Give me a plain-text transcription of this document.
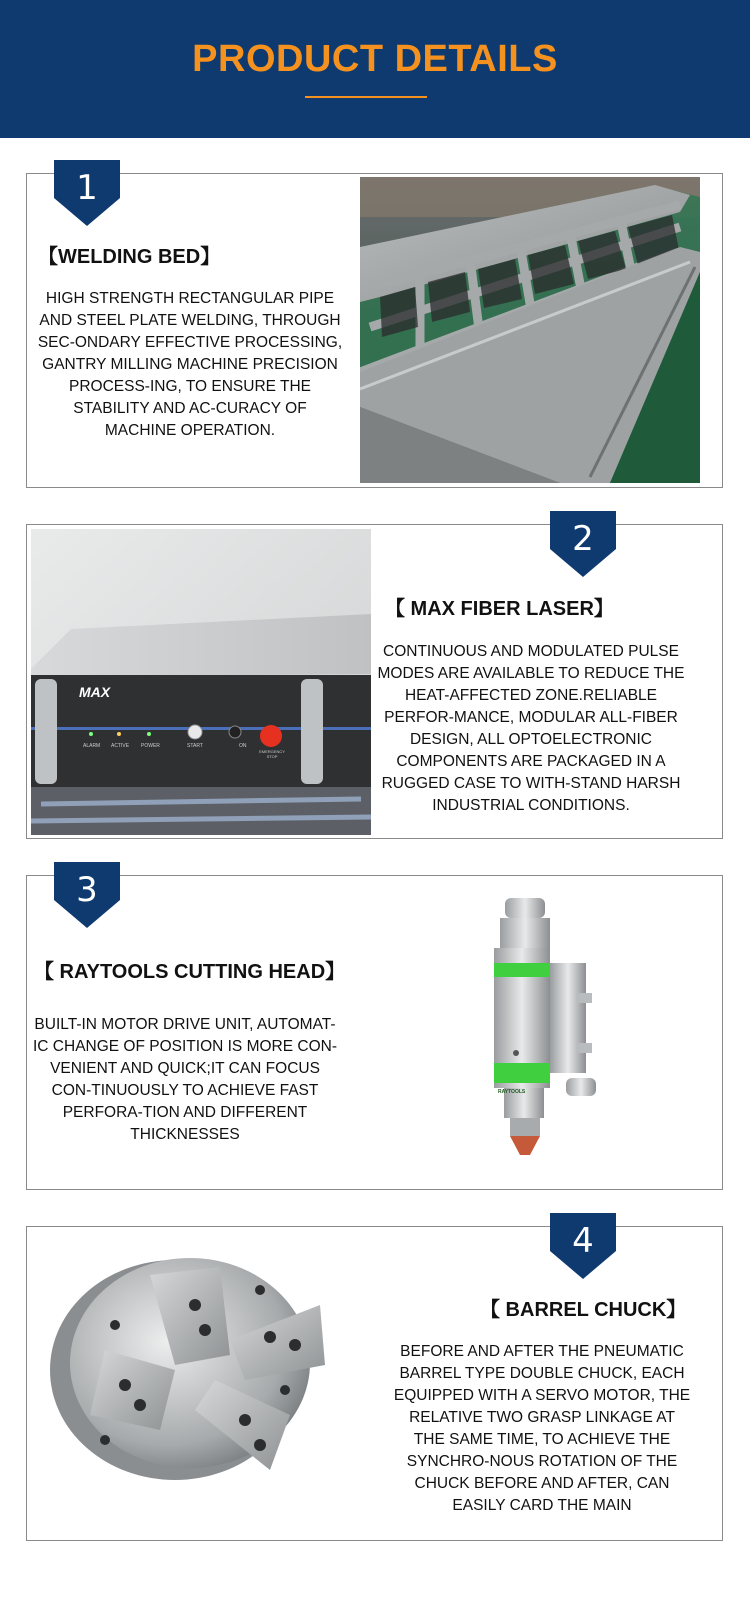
PRODUCT DETAILS
1
【WELDING BED】
HIGH STRENGTH RECTANGULAR PIPE AND STEEL PLATE WELDING, THROUGH SEC-ONDARY EFFECTIVE PROCESSING, GANTRY MILLING MACHINE PRECISION PROCESS-ING, TO ENSURE THE STABILITY AND AC-CURACY OF MACHINE OPERATION.
2
【 MAX FIBER LASER】
CONTINUOUS AND MODULATED PULSE MODES ARE AVAILABLE TO REDUCE THE HEAT-AFFECTED ZONE.RELIABLE PERFOR-MANCE, MODULAR ALL-FIBER DESIGN, ALL OPTOELECTRONIC COMPONENTS ARE PACKAGED IN A RUGGED CASE TO WITH-STAND HARSH INDUSTRIAL CONDITIONS.
MAX
ALARM ACTIVE POWER	START	ON
EMERGENCY STOP
3
【 RAYTOOLS CUTTING HEAD】
BUILT-IN MOTOR DRIVE UNIT, AUTOMAT-IC CHANGE OF POSITION IS MORE CON-VENIENT AND QUICK;IT CAN FOCUS CON-TINUOUSLY TO ACHIEVE FAST PERFORA-TION AND DIFFERENT THICKNESSES
RAYTOOLS
4
【 BARREL CHUCK】
BEFORE AND AFTER THE PNEUMATIC BARREL TYPE DOUBLE CHUCK, EACH EQUIPPED WITH A SERVO MOTOR, THE RELATIVE TWO GRASP LINKAGE AT THE SAME TIME, TO ACHIEVE THE SYNCHRO-NOUS ROTATION OF THE CHUCK BEFORE AND AFTER, CAN EASILY CARD THE MAIN
